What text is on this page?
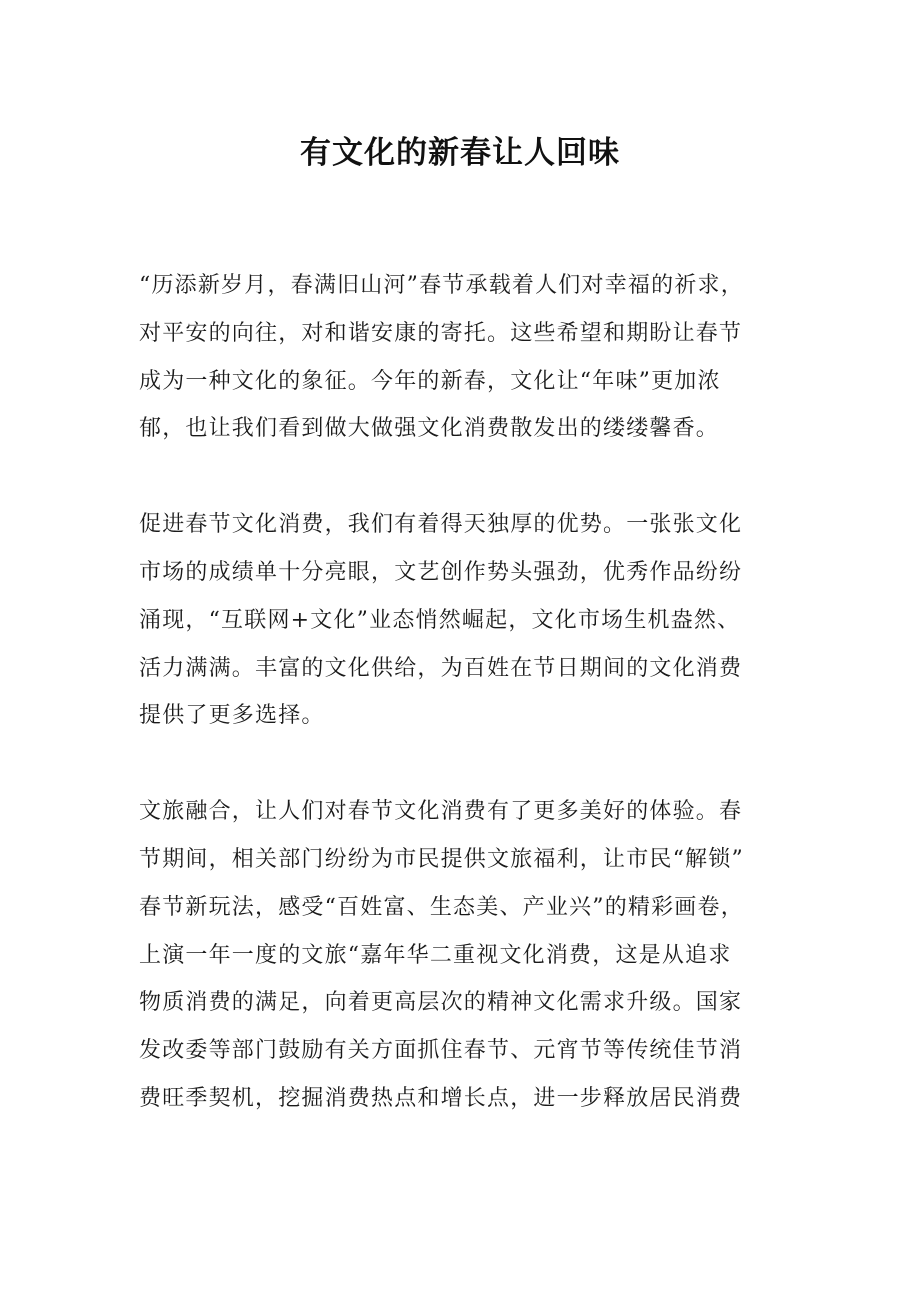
有文化的新春让人回味
“历添新岁月，春满旧山河”春节承载着人们对幸福的祈求，
对平安的向往，对和谐安康的寄托。这些希望和期盼让春节
成为一种文化的象征。今年的新春，文化让“年味”更加浓
郁，也让我们看到做大做强文化消费散发出的缕缕馨香。
促进春节文化消费，我们有着得天独厚的优势。一张张文化
市场的成绩单十分亮眼，文艺创作势头强劲，优秀作品纷纷
涌现，“互联网+文化”业态悄然崛起，文化市场生机盎然、
活力满满。丰富的文化供给，为百姓在节日期间的文化消费
提供了更多选择。
文旅融合，让人们对春节文化消费有了更多美好的体验。春
节期间，相关部门纷纷为市民提供文旅福利，让市民“解锁”
春节新玩法，感受“百姓富、生态美、产业兴”的精彩画卷，
上演一年一度的文旅“嘉年华二重视文化消费，这是从追求
物质消费的满足，向着更高层次的精神文化需求升级。国家
发改委等部门鼓励有关方面抓住春节、元宵节等传统佳节消
费旺季契机，挖掘消费热点和增长点，进一步释放居民消费
